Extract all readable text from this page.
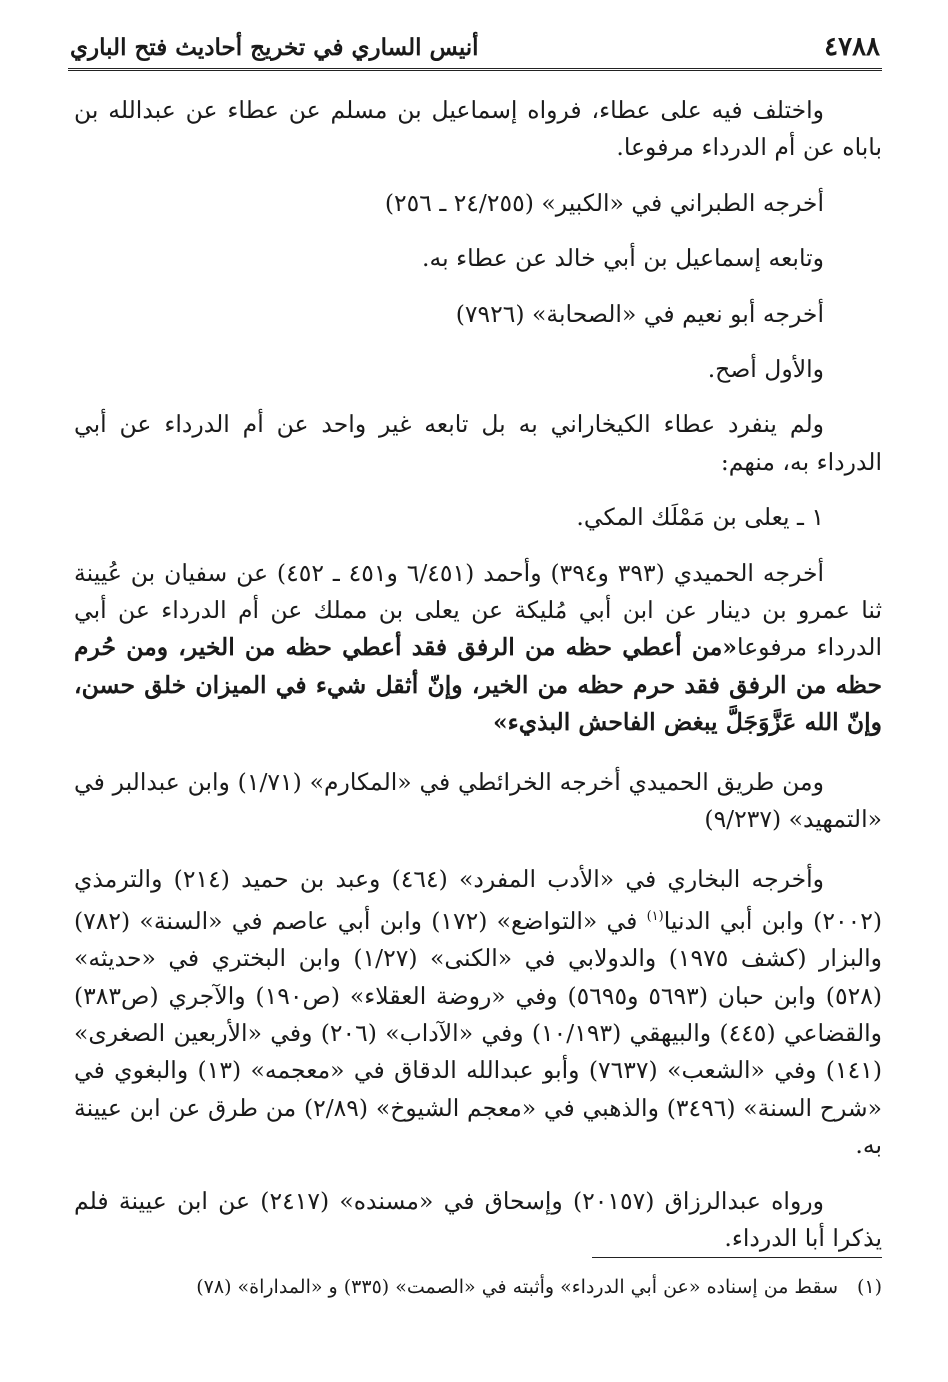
٤٧٨٨
أنيس الساري في تخريج أحاديث فتح الباري

واختلف فيه على عطاء، فرواه إسماعيل بن مسلم عن عطاء عن عبدالله بن باباه عن أم الدرداء مرفوعا.

أخرجه الطبراني في «الكبير» (٢٤/٢٥٥ ـ ٢٥٦)

وتابعه إسماعيل بن أبي خالد عن عطاء به.

أخرجه أبو نعيم في «الصحابة» (٧٩٢٦)

والأول أصح.

ولم ينفرد عطاء الكيخاراني به بل تابعه غير واحد عن أم الدرداء عن أبي الدرداء به، منهم:

١ ـ يعلى بن مَمْلَك المكي.

أخرجه الحميدي (٣٩٣ و٣٩٤) وأحمد (٦/٤٥١ و٤٥١ ـ ٤٥٢) عن سفيان بن عُيينة ثنا عمرو بن دينار عن ابن أبي مُليكة عن يعلى بن مملك عن أم الدرداء عن أبي الدرداء مرفوعا«من أعطي حظه من الرفق فقد أعطي حظه من الخير، ومن حُرم حظه من الرفق فقد حرم حظه من الخير، وإنّ أثقل شيء في الميزان خلق حسن، وإنّ الله عَزَّوَجَلَّ يبغض الفاحش البذيء»

ومن طريق الحميدي أخرجه الخرائطي في «المكارم» (١/٧١) وابن عبدالبر في «التمهيد» (٩/٢٣٧)

وأخرجه البخاري في «الأدب المفرد» (٤٦٤) وعبد بن حميد (٢١٤) والترمذي (٢٠٠٢) وابن أبي الدنيا$^{(١)}$ في «التواضع» (١٧٢) وابن أبي عاصم في «السنة» (٧٨٢) والبزار (كشف ١٩٧٥) والدولابي في «الكنى» (١/٢٧) وابن البختري في «حديثه» (٥٢٨) وابن حبان (٥٦٩٣ و٥٦٩٥) وفي «روضة العقلاء» (ص١٩٠) والآجري (ص٣٨٣) والقضاعي (٤٤٥) والبيهقي (١٠/١٩٣) وفي «الآداب» (٢٠٦) وفي «الأربعين الصغرى» (١٤١) وفي «الشعب» (٧٦٣٧) وأبو عبدالله الدقاق في «معجمه» (١٣) والبغوي في «شرح السنة» (٣٤٩٦) والذهبي في «معجم الشيوخ» (٢/٨٩) من طرق عن ابن عيينة به.

ورواه عبدالرزاق (٢٠١٥٧) وإسحاق في «مسنده» (٢٤١٧) عن ابن عيينة فلم يذكرا أبا الدرداء.

(١)سقط من إسناده «عن أبي الدرداء» وأثبته في «الصمت» (٣٣٥) و «المداراة» (٧٨)
